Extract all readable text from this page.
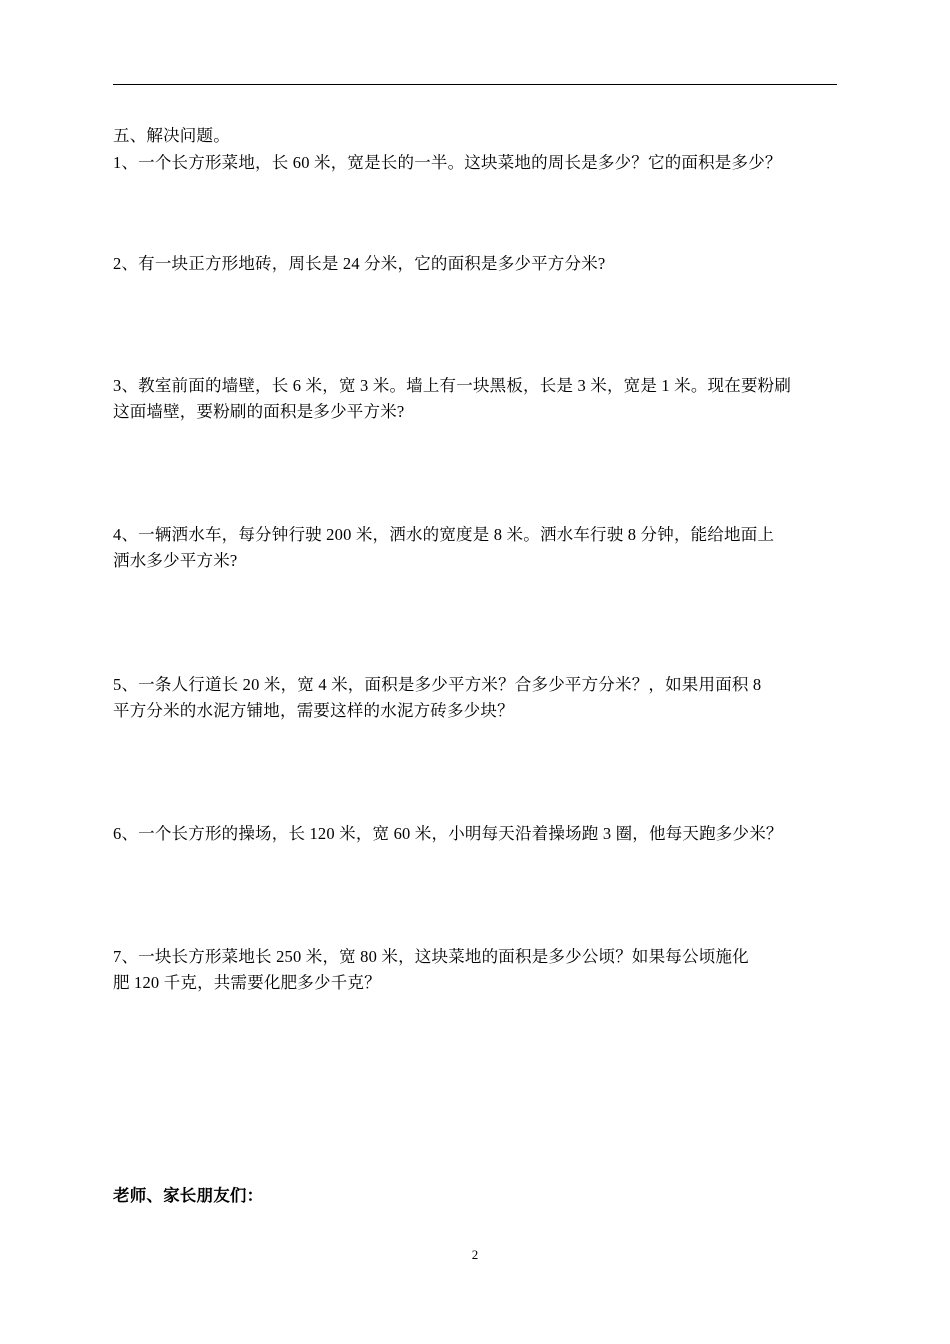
五、解决问题。
1、一个长方形菜地，长 60 米，宽是长的一半。这块菜地的周长是多少？它的面积是多少？
2、有一块正方形地砖，周长是 24 分米，它的面积是多少平方分米?
3、教室前面的墙壁，长 6 米，宽 3 米。墙上有一块黑板，长是 3 米，宽是 1 米。现在要粉刷
这面墙壁，要粉刷的面积是多少平方米?
4、一辆洒水车，每分钟行驶 200 米，洒水的宽度是 8 米。洒水车行驶 8 分钟，能给地面上
洒水多少平方米?
5、一条人行道长 20 米，宽 4 米，面积是多少平方米？合多少平方分米？，如果用面积 8
平方分米的水泥方铺地，需要这样的水泥方砖多少块？
6、一个长方形的操场，长 120 米，宽 60 米，小明每天沿着操场跑 3 圈，他每天跑多少米？
7、一块长方形菜地长 250 米，宽 80 米，这块菜地的面积是多少公顷？如果每公顷施化
肥 120 千克，共需要化肥多少千克？
老师、家长朋友们：
2
